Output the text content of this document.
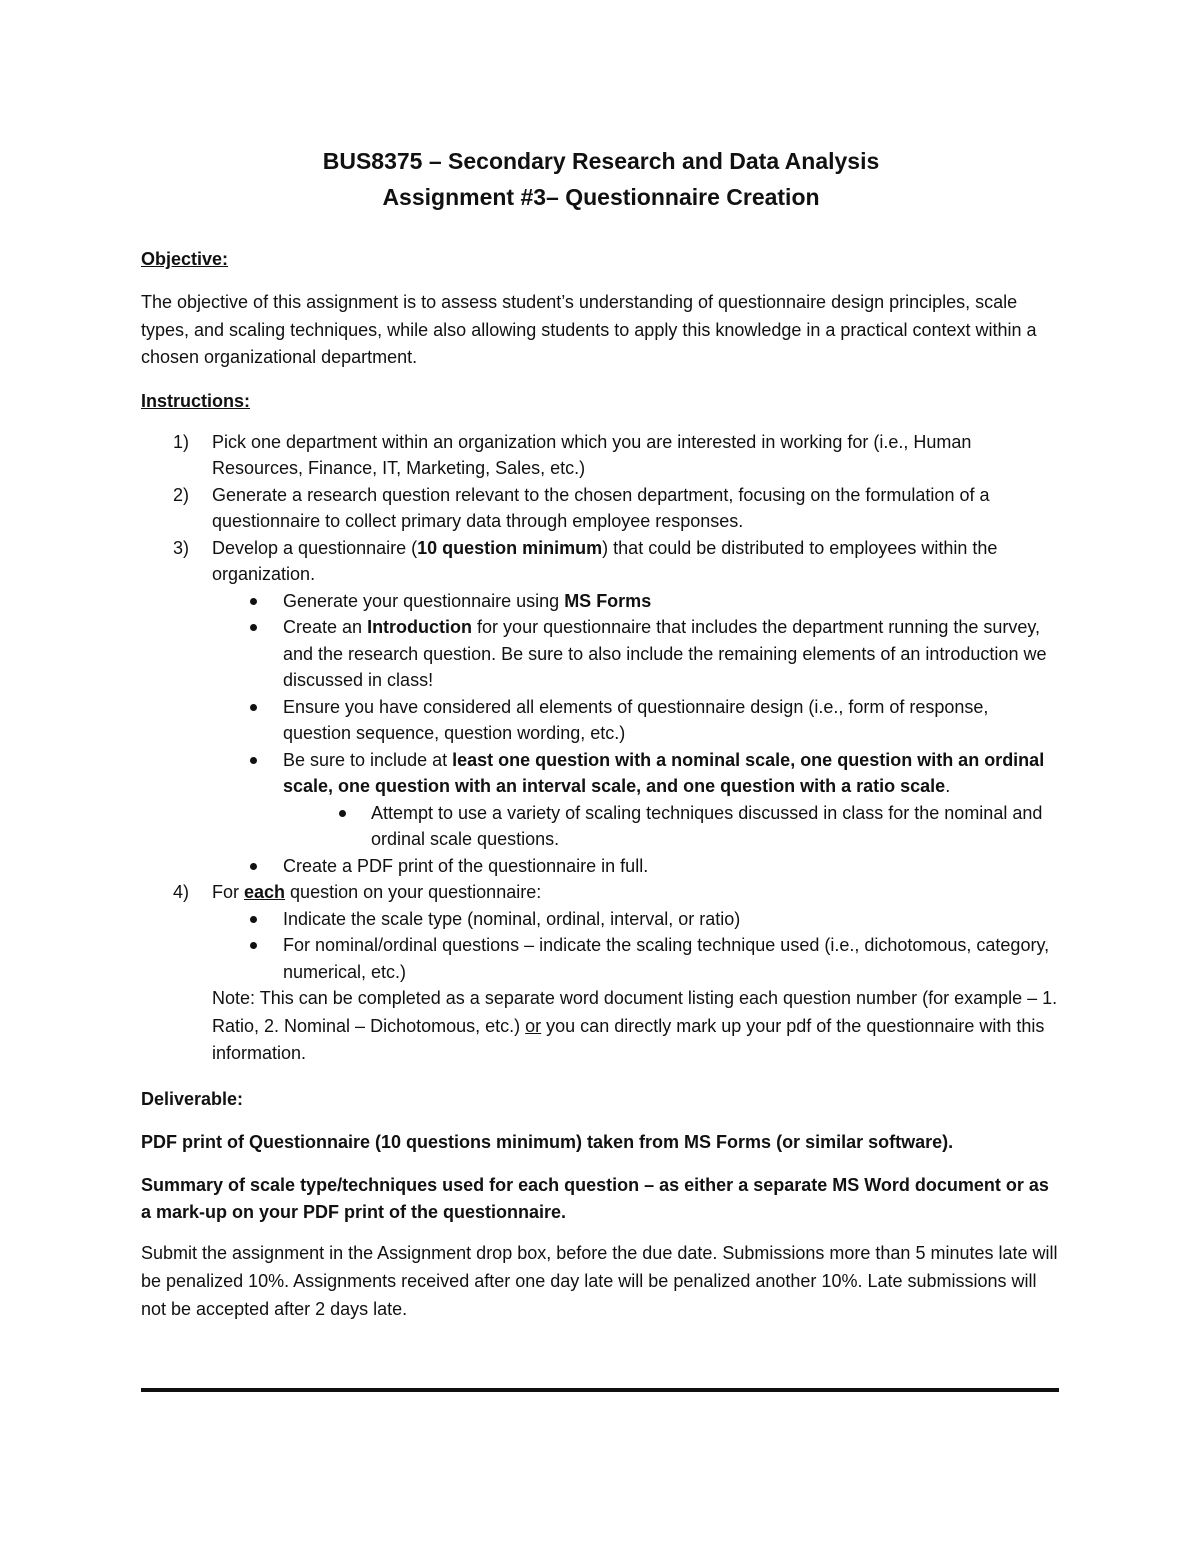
BUS8375 – Secondary Research and Data Analysis
Assignment #3– Questionnaire Creation
Objective:
The objective of this assignment is to assess student’s understanding of questionnaire design principles, scale types, and scaling techniques, while also allowing students to apply this knowledge in a practical context within a chosen organizational department.
Instructions:
1) Pick one department within an organization which you are interested in working for (i.e., Human Resources, Finance, IT, Marketing, Sales, etc.)
2) Generate a research question relevant to the chosen department, focusing on the formulation of a questionnaire to collect primary data through employee responses.
3) Develop a questionnaire (10 question minimum) that could be distributed to employees within the organization.
Generate your questionnaire using MS Forms
Create an Introduction for your questionnaire that includes the department running the survey, and the research question. Be sure to also include the remaining elements of an introduction we discussed in class!
Ensure you have considered all elements of questionnaire design (i.e., form of response, question sequence, question wording, etc.)
Be sure to include at least one question with a nominal scale, one question with an ordinal scale, one question with an interval scale, and one question with a ratio scale.
Attempt to use a variety of scaling techniques discussed in class for the nominal and ordinal scale questions.
Create a PDF print of the questionnaire in full.
4) For each question on your questionnaire:
Indicate the scale type (nominal, ordinal, interval, or ratio)
For nominal/ordinal questions – indicate the scaling technique used (i.e., dichotomous, category, numerical, etc.)
Note: This can be completed as a separate word document listing each question number (for example – 1. Ratio, 2. Nominal – Dichotomous, etc.) or you can directly mark up your pdf of the questionnaire with this information.
Deliverable:
PDF print of Questionnaire (10 questions minimum) taken from MS Forms (or similar software).
Summary of scale type/techniques used for each question – as either a separate MS Word document or as a mark-up on your PDF print of the questionnaire.
Submit the assignment in the Assignment drop box, before the due date. Submissions more than 5 minutes late will be penalized 10%. Assignments received after one day late will be penalized another 10%. Late submissions will not be accepted after 2 days late.
